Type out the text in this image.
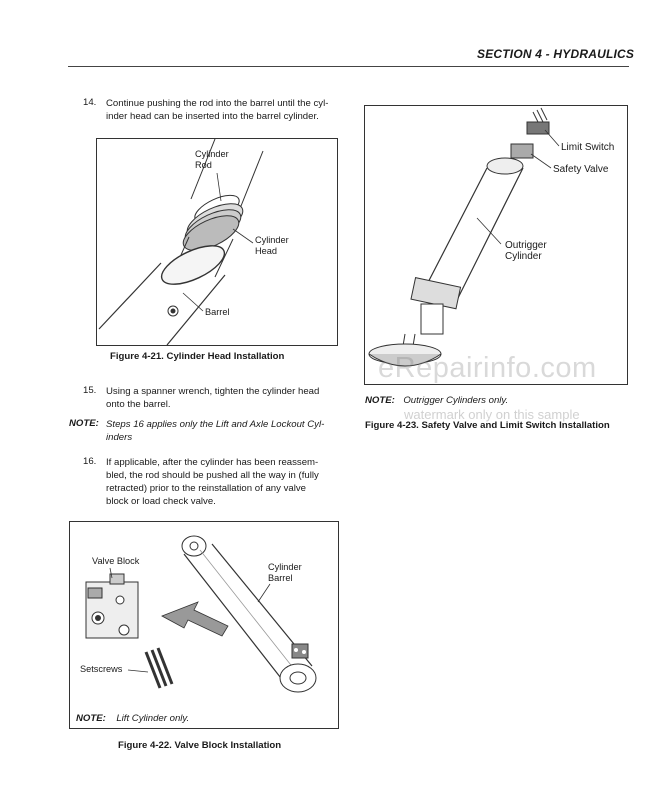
SECTION 4 - HYDRAULICS
14. Continue pushing the rod into the barrel until the cyl-
inder head can be inserted into the barrel cylinder.
Cylinder
Rod
Cylinder
Head
Barrel
Figure 4-21. Cylinder Head Installation
15. Using a spanner wrench, tighten the cylinder head
onto the barrel.
NOTE: Steps 16 applies only the Lift and Axle Lockout Cyl-
inders
16. If applicable, after the cylinder has been reassem-
bled, the rod should be pushed all the way in (fully
retracted) prior to the reinstallation of any valve
block or load check valve.
Valve Block
Cylinder
Barrel
Setscrews
NOTE: Lift Cylinder only.
Figure 4-22. Valve Block Installation
Limit Switch
Safety Valve
Outrigger
Cylinder
NOTE: Outrigger Cylinders only.
Figure 4-23. Safety Valve and Limit Switch Installation
eRepairinfo.com
watermark only on this sample
